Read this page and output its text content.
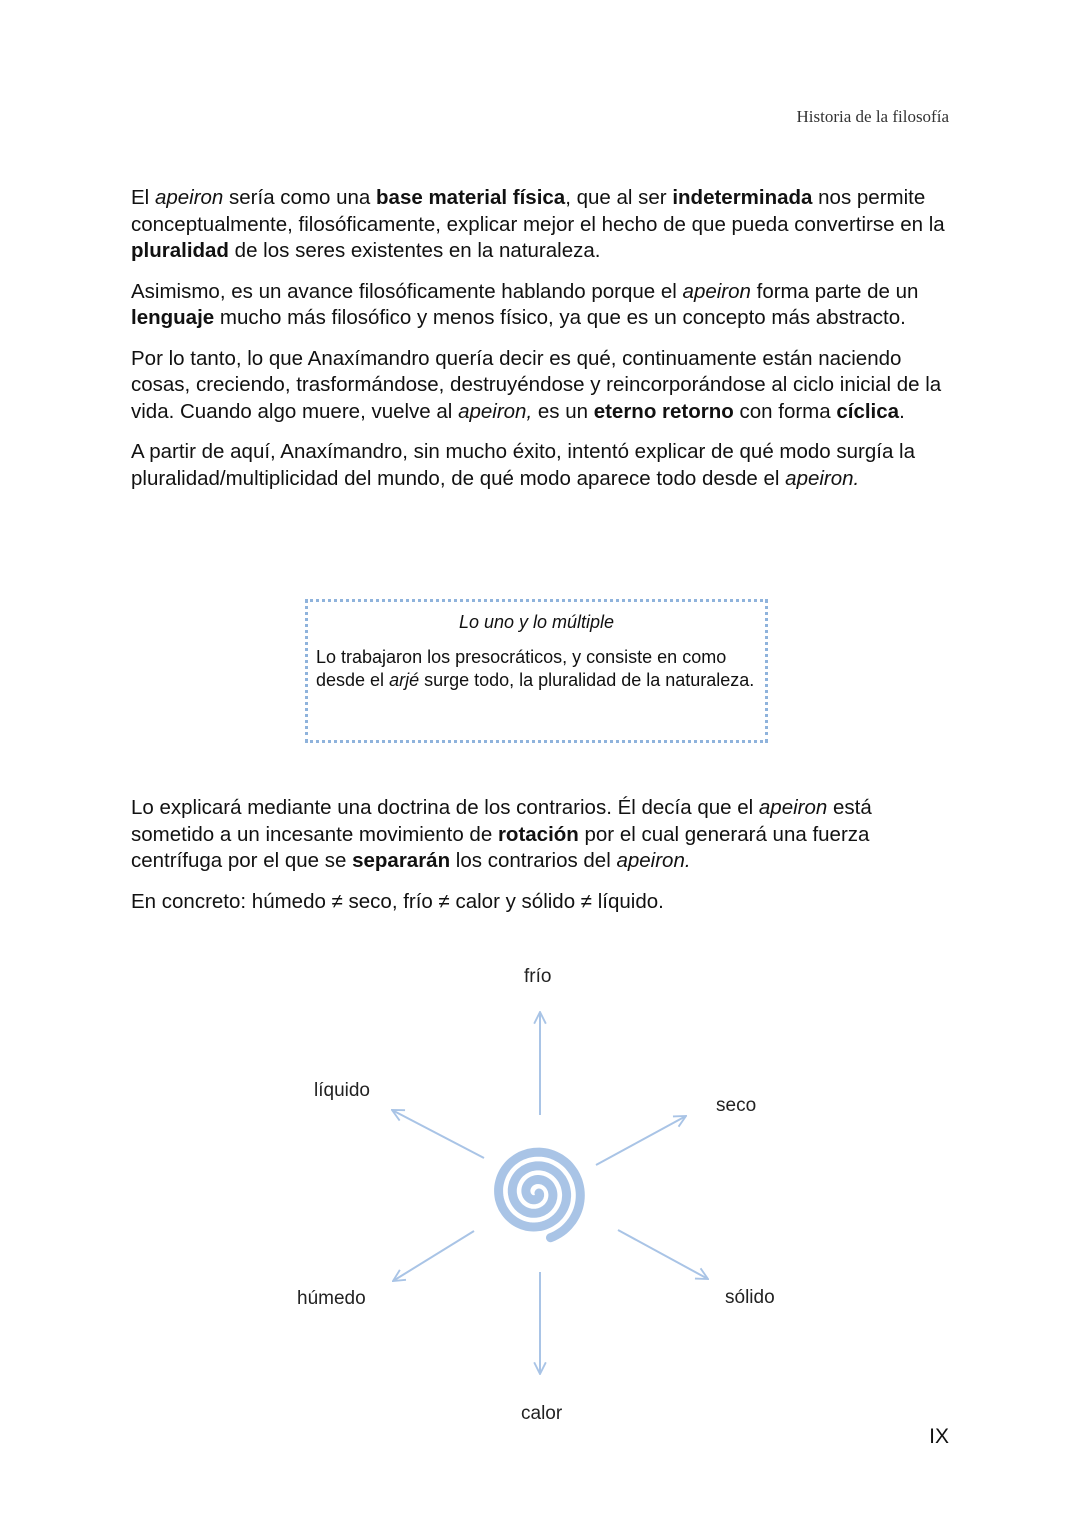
Historia de la filosofía

El apeiron sería como una base material física, que al ser indeterminada nos permite conceptualmente, filosóficamente, explicar mejor el hecho de que pueda convertirse en la pluralidad de los seres existentes en la naturaleza.

Asimismo, es un avance filosóficamente hablando porque el apeiron forma parte de un lenguaje mucho más filosófico y menos físico, ya que es un concepto más abstracto.

Por lo tanto, lo que Anaxímandro quería decir es qué, continuamente están naciendo cosas, creciendo, trasformándose, destruyéndose y reincorporándose al ciclo inicial de la vida. Cuando algo muere, vuelve al apeiron, es un eterno retorno con forma cíclica.

A partir de aquí, Anaxímandro, sin mucho éxito, intentó explicar de qué modo surgía la pluralidad/multiplicidad del mundo, de qué modo aparece todo desde el apeiron.

Lo uno y lo múltiple

Lo trabajaron los presocráticos, y consiste en como desde el arjé surge todo, la pluralidad de la naturaleza.

Lo explicará mediante una doctrina de los contrarios. Él decía que el apeiron está sometido a un incesante movimiento de rotación por el cual generará una fuerza centrífuga por el que se separarán los contrarios del apeiron.

En concreto: húmedo ≠ seco, frío ≠ calor y sólido ≠ líquido.

frío
líquido
seco
húmedo	sólido
calor
IX
